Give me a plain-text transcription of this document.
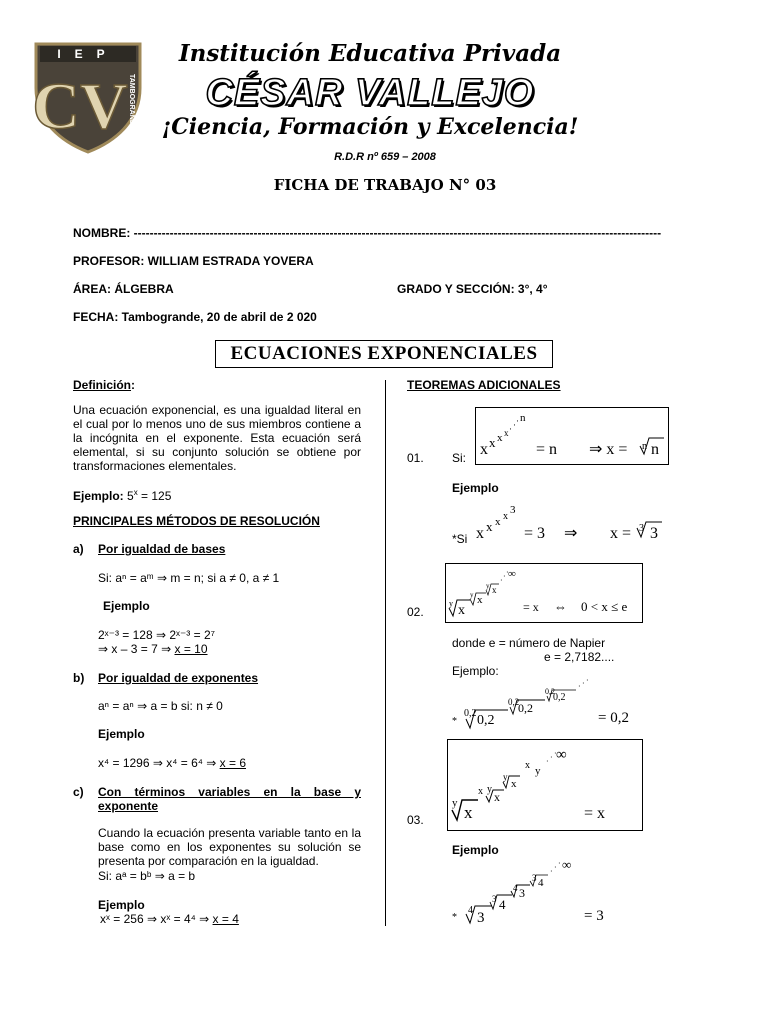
IEP
CV TAMBOGRANDE
Institución Educativa Privada
CÉSAR VALLEJO
¡Ciencia, Formación y Excelencia!
R.D.R nº 659 – 2008
FICHA DE TRABAJO N° 03
NOMBRE: ------------------------------------------------------------------------------------------------------------------------------------
PROFESOR: WILLIAM ESTRADA YOVERA
ÁREA: ÁLGEBRA	GRADO Y SECCIÓN: 3°, 4°
FECHA: Tambogrande, 20 de abril de 2 020
ECUACIONES EXPONENCIALES
Definición:
Una ecuación exponencial, es una igualdad literal en el cual por lo menos uno de sus miembros contiene a la incógnita en el exponente. Esta ecuación será elemental, si su conjunto solución se obtiene por transformaciones elementales.
Ejemplo: $5^x = 125$
PRINCIPALES MÉTODOS DE RESOLUCIÓN
a) Por igualdad de bases
Si: aⁿ = aᵐ ⇒ m = n; si a ≠ 0, a ≠ 1
Ejemplo
2ˣ⁻³ = 128 ⇒ 2ˣ⁻³ = 2⁷
⇒ x – 3 = 7 ⇒ x = 10
b) Por igualdad de exponentes
aⁿ = aⁿ ⇒ a = b si: n ≠ 0
Ejemplo
x⁴ = 1296 ⇒ x⁴ = 6⁴ ⇒ x = 6
c) Con términos variables en la base y exponente
Cuando la ecuación presenta variable tanto en la base como en los exponentes su solución se presenta por comparación en la igualdad.
Si: aᵃ = bᵇ ⇒ a = b
Ejemplo
xˣ = 256 ⇒ xˣ = 4⁴ ⇒ x = 4
TEOREMAS ADICIONALES
01. Si: x x x x · · · n
= n ⇒ x = n n
Ejemplo
*Si x x x x
3
= 3 ⇒ x = 3 3
02.
y x
y x
y x
· · · ∞
= x ⇔ 0 < x ≤ e
donde e = número de Napier
e = 2,7182....
Ejemplo:
*
0,2 0,2
0,2
0,2
0,2
0,2
· · ·
= 0,2
03.
y x
x y
x
y
x
x y
· · · ∞
= x
Ejemplo
*
4 3
3 4
4 3
3 4
· · · ∞
= 3
